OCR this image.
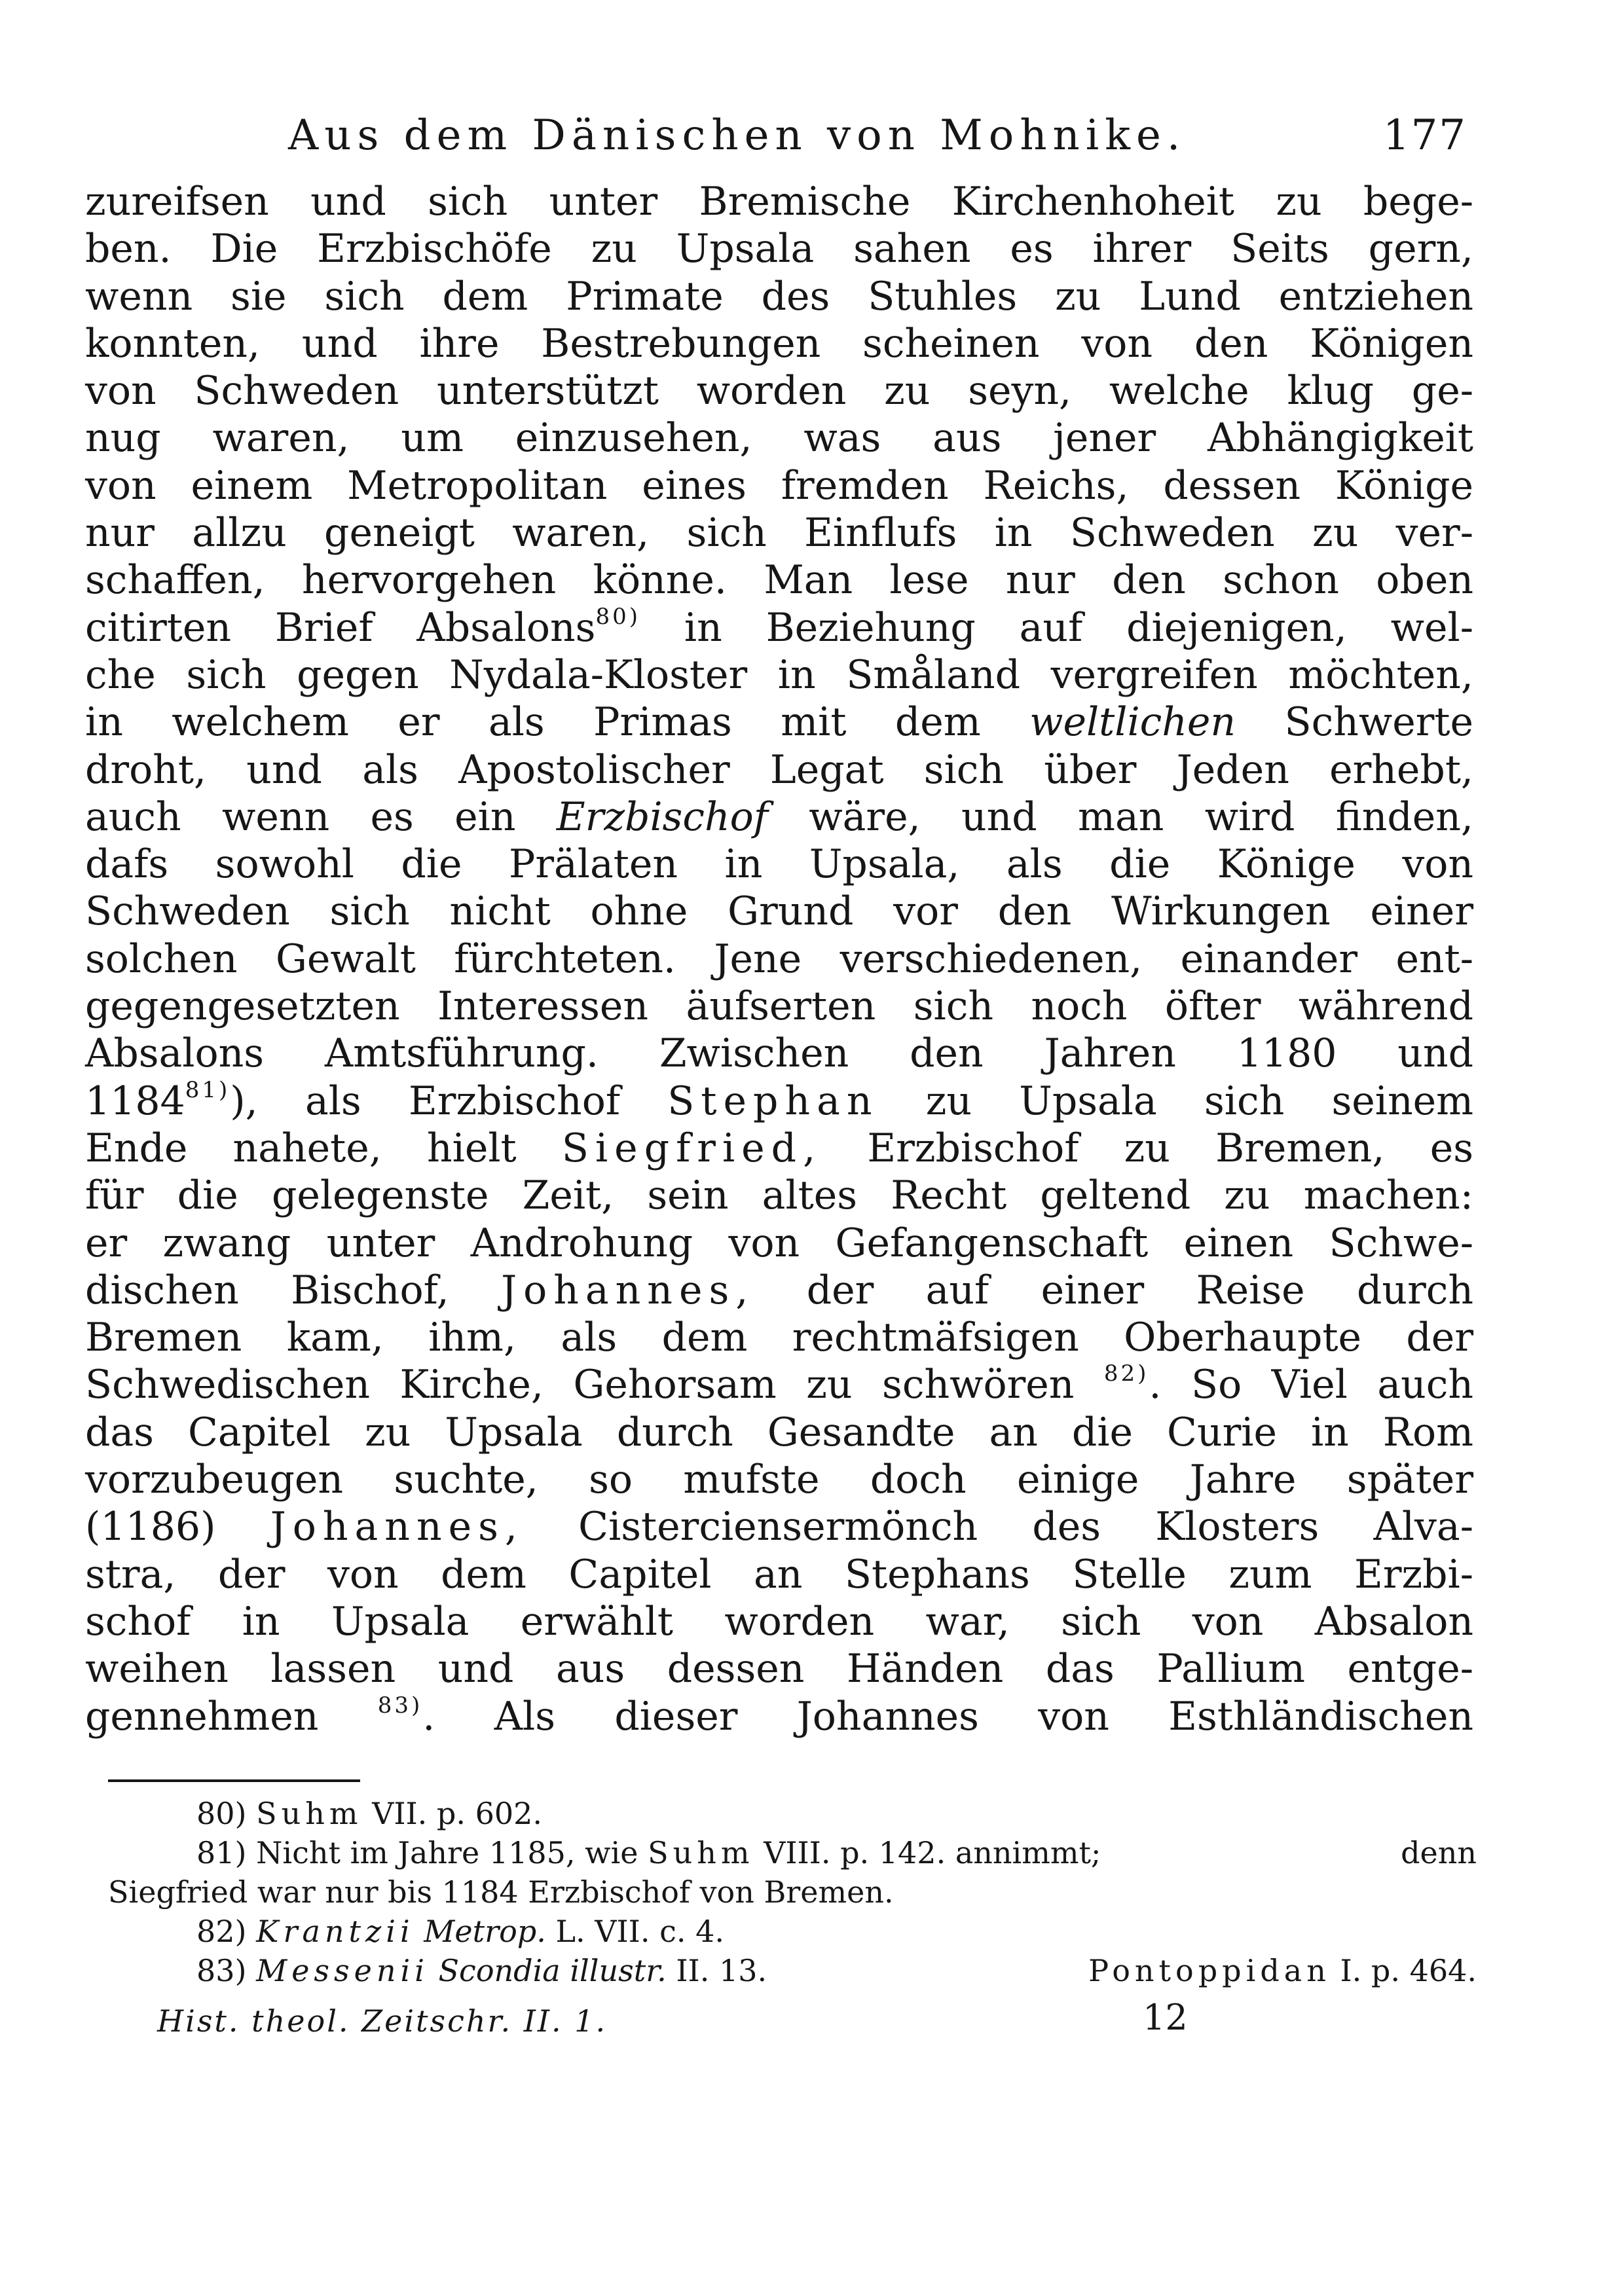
Aus dem Dänischen von Mohnike.	177
zureifsen und sich unter Bremische Kirchenhoheit zu bege-
ben. Die Erzbischöfe zu Upsala sahen es ihrer Seits gern,
wenn sie sich dem Primate des Stuhles zu Lund entziehen
konnten, und ihre Bestrebungen scheinen von den Königen
von Schweden unterstützt worden zu seyn, welche klug ge-
nug waren, um einzusehen, was aus jener Abhängigkeit
von einem Metropolitan eines fremden Reichs, dessen Könige
nur allzu geneigt waren, sich Einflufs in Schweden zu ver-
schaffen, hervorgehen könne. Man lese nur den schon oben
citirten Brief Absalons$^{80)}$ in Beziehung auf diejenigen, wel-
che sich gegen Nydala-Kloster in Småland vergreifen möchten,
in welchem er als Primas mit dem weltlichen Schwerte
droht, und als Apostolischer Legat sich über Jeden erhebt,
auch wenn es ein Erzbischof wäre, und man wird finden,
dafs sowohl die Prälaten in Upsala, als die Könige von
Schweden sich nicht ohne Grund vor den Wirkungen einer
solchen Gewalt fürchteten. Jene verschiedenen, einander ent-
gegengesetzten Interessen äufserten sich noch öfter während
Absalons Amtsführung. Zwischen den Jahren 1180 und
1184$^{81)}$), als Erzbischof Stephan zu Upsala sich seinem
Ende nahete, hielt Siegfried, Erzbischof zu Bremen, es
für die gelegenste Zeit, sein altes Recht geltend zu machen:
er zwang unter Androhung von Gefangenschaft einen Schwe-
dischen Bischof, Johannes, der auf einer Reise durch
Bremen kam, ihm, als dem rechtmäfsigen Oberhaupte der
Schwedischen Kirche, Gehorsam zu schwören $^{82)}$. So Viel auch
das Capitel zu Upsala durch Gesandte an die Curie in Rom
vorzubeugen suchte, so mufste doch einige Jahre später
(1186) Johannes, Cisterciensermönch des Klosters Alva-
stra, der von dem Capitel an Stephans Stelle zum Erzbi-
schof in Upsala erwählt worden war, sich von Absalon
weihen lassen und aus dessen Händen das Pallium entge-
gennehmen	$^{83)}$. Als dieser Johannes von Esthländischen
80) Suhm VII. p. 602.
81) Nicht im Jahre 1185, wie Suhm VIII. p. 142. annimmt;	denn
Siegfried war nur bis 1184 Erzbischof von Bremen.
82) Krantzii Metrop. L. VII. c. 4.
83) Messenii Scondia illustr. II. 13.	Pontoppidan I. p. 464.
Hist. theol. Zeitschr. II. 1.	12
